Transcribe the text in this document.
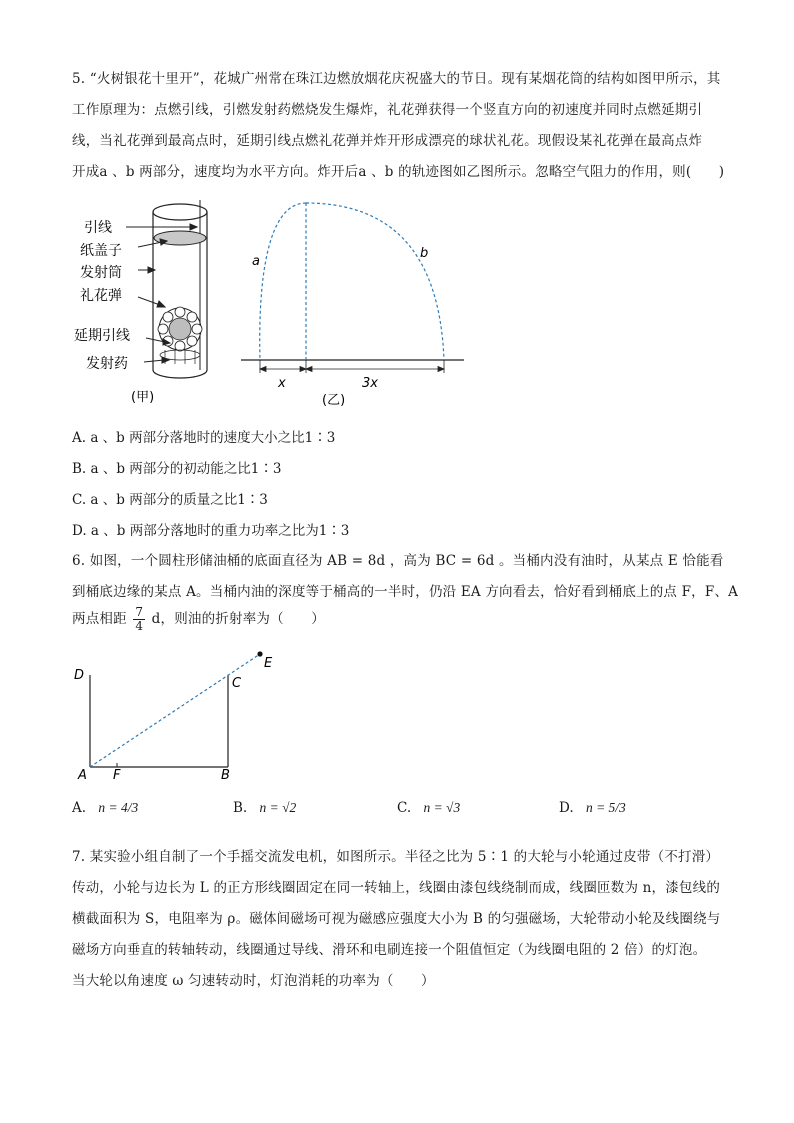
5. “火树银花十里开”，花城广州常在珠江边燃放烟花庆祝盛大的节日。现有某烟花筒的结构如图甲所示，其
工作原理为：点燃引线，引燃发射药燃烧发生爆炸，礼花弹获得一个竖直方向的初速度并同时点燃延期引
线，当礼花弹到最高点时，延期引线点燃礼花弹并炸开形成漂亮的球状礼花。现假设某礼花弹在最高点炸
开成a 、b 两部分，速度均为水平方向。炸开后a 、b 的轨迹图如乙图所示。忽略空气阻力的作用，则(　　)
引线
纸盖子
发射筒
礼花弹
延期引线
发射药
(甲)
a
b
x	3x
(乙)
A. a 、b 两部分落地时的速度大小之比1∶3
B. a 、b 两部分的初动能之比1∶3
C. a 、b 两部分的质量之比1∶3
D. a 、b 两部分落地时的重力功率之比为1∶3
6. 如图，一个圆柱形储油桶的底面直径为 AB = 8d ，高为 BC = 6d 。当桶内没有油时，从某点 E 恰能看
到桶底边缘的某点 A。当桶内油的深度等于桶高的一半时，仍沿 EA 方向看去，恰好看到桶底上的点 F，F、A
两点相距 $\frac{7}{4}$ d，则油的折射率为（　　）
D
C
E
A F	B
A. n = 4/3	B. n = √2	C. n = √3	D. n = 5/3
7. 某实验小组自制了一个手摇交流发电机，如图所示。半径之比为 5∶1 的大轮与小轮通过皮带（不打滑）
传动，小轮与边长为 L 的正方形线圈固定在同一转轴上，线圈由漆包线绕制而成，线圈匝数为 n，漆包线的
横截面积为 S，电阻率为 ρ。磁体间磁场可视为磁感应强度大小为 B 的匀强磁场，大轮带动小轮及线圈绕与
磁场方向垂直的转轴转动，线圈通过导线、滑环和电刷连接一个阻值恒定（为线圈电阻的 2 倍）的灯泡。
当大轮以角速度 ω 匀速转动时，灯泡消耗的功率为（　　）
